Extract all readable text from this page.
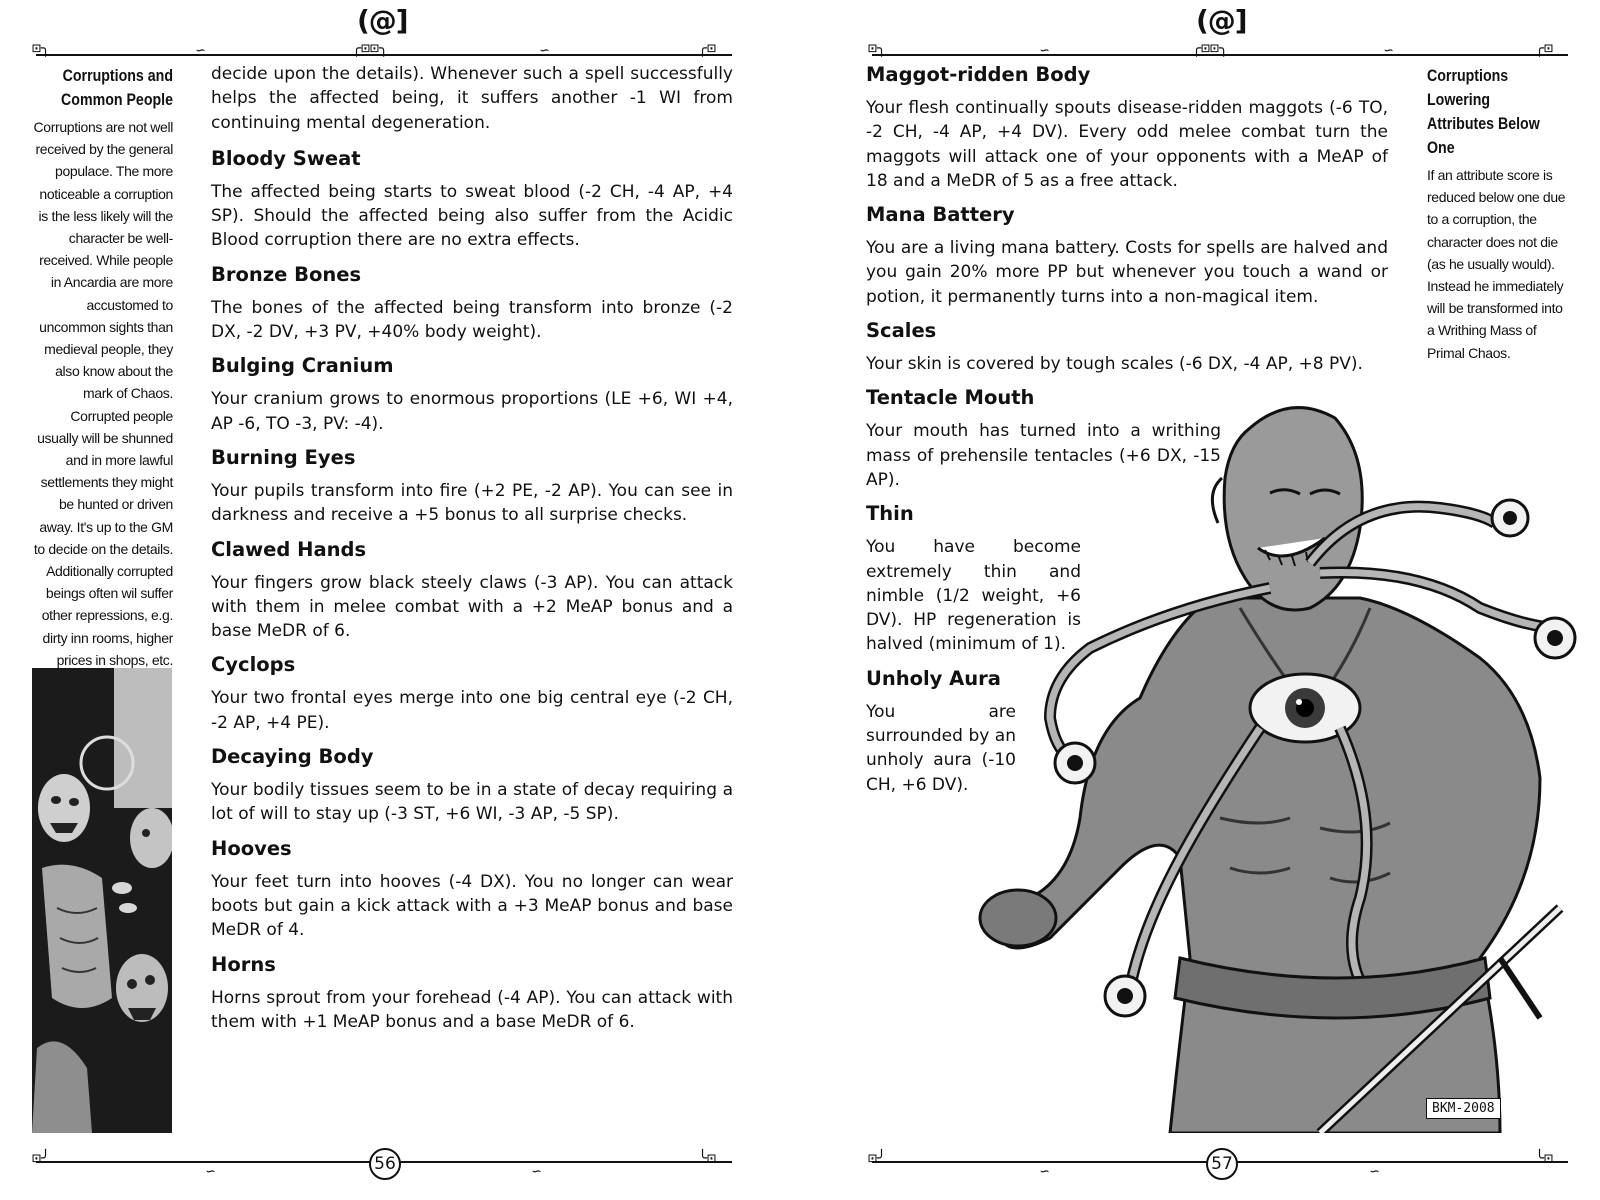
(@]
⊡╮	╭⊡⊡╮	╭⊡
∽	∽
Corruptions and Common People

Corruptions are not well received by the general populace. The more noticeable a corruption is the less likely will the character be well-received. While people in Ancardia are more accustomed to uncommon sights than medieval people, they also know about the mark of Chaos. Corrupted people usually will be shunned and in more lawful settlements they might be hunted or driven away. It's up to the GM to decide on the details. Additionally corrupted beings often wil suffer other repressions, e.g. dirty inn rooms, higher prices in shops, etc.

decide upon the details). Whenever such a spell successfully helps the affected being, it suffers another -1 WI from continuing mental degeneration.

Bloody Sweat

The affected being starts to sweat blood (-2 CH, -4 AP, +4 SP). Should the affected being also suffer from the Acidic Blood corruption there are no extra effects.

Bronze Bones

The bones of the affected being transform into bronze (-2 DX, -2 DV, +3 PV, +40% body weight).

Bulging Cranium

Your cranium grows to enormous proportions (LE +6, WI +4, AP -6, TO -3, PV: -4).

Burning Eyes

Your pupils transform into fire (+2 PE, -2 AP). You can see in darkness and receive a +5 bonus to all surprise checks.

Clawed Hands

Your fingers grow black steely claws (-3 AP). You can attack with them in melee combat with a +2 MeAP bonus and a base MeDR of 6.

Cyclops

Your two frontal eyes merge into one big central eye (-2 CH, -2 AP, +4 PE).

Decaying Body

Your bodily tissues seem to be in a state of decay requiring a lot of will to stay up (-3 ST, +6 WI, -3 AP, -5 SP).

Hooves

Your feet turn into hooves (-4 DX). You no longer can wear boots but gain a kick attack with a +3 MeAP bonus and base MeDR of 4.

Horns

Horns sprout from your forehead (-4 AP). You can attack with them with +1 MeAP bonus and a base MeDR of 6.

⊡╯	╰⊡
∽	∽
56
(@]
⊡╮	╭⊡⊡╮	╭⊡
∽	∽
Maggot-ridden Body

Your flesh continually spouts disease-ridden maggots (-6 TO, -2 CH, -4 AP, +4 DV). Every odd melee combat turn the maggots will attack one of your opponents with a MeAP of 18 and a MeDR of 5 as a free attack.

Mana Battery

You are a living mana battery. Costs for spells are halved and you gain 20% more PP but whenever you touch a wand or potion, it permanently turns into a non-magical item.

Scales

Your skin is covered by tough scales (-6 DX, -4 AP, +8 PV).

Tentacle Mouth

Your mouth has turned into a writhing mass of prehensile tentacles (+6 DX, -15 AP).

Thin

You have become extremely thin and nimble (1/2 weight, +6 DV). HP regeneration is halved (minimum of 1).

Unholy Aura

You are surrounded by an unholy aura (-10 CH, +6 DV).

Corruptions Lowering Attributes Below One

If an attribute score is reduced below one due to a corruption, the character does not die (as he usually would). Instead he immediately will be transformed into a Writhing Mass of Primal Chaos.

BKM-2008
⊡╯	╰⊡
∽	∽
57
